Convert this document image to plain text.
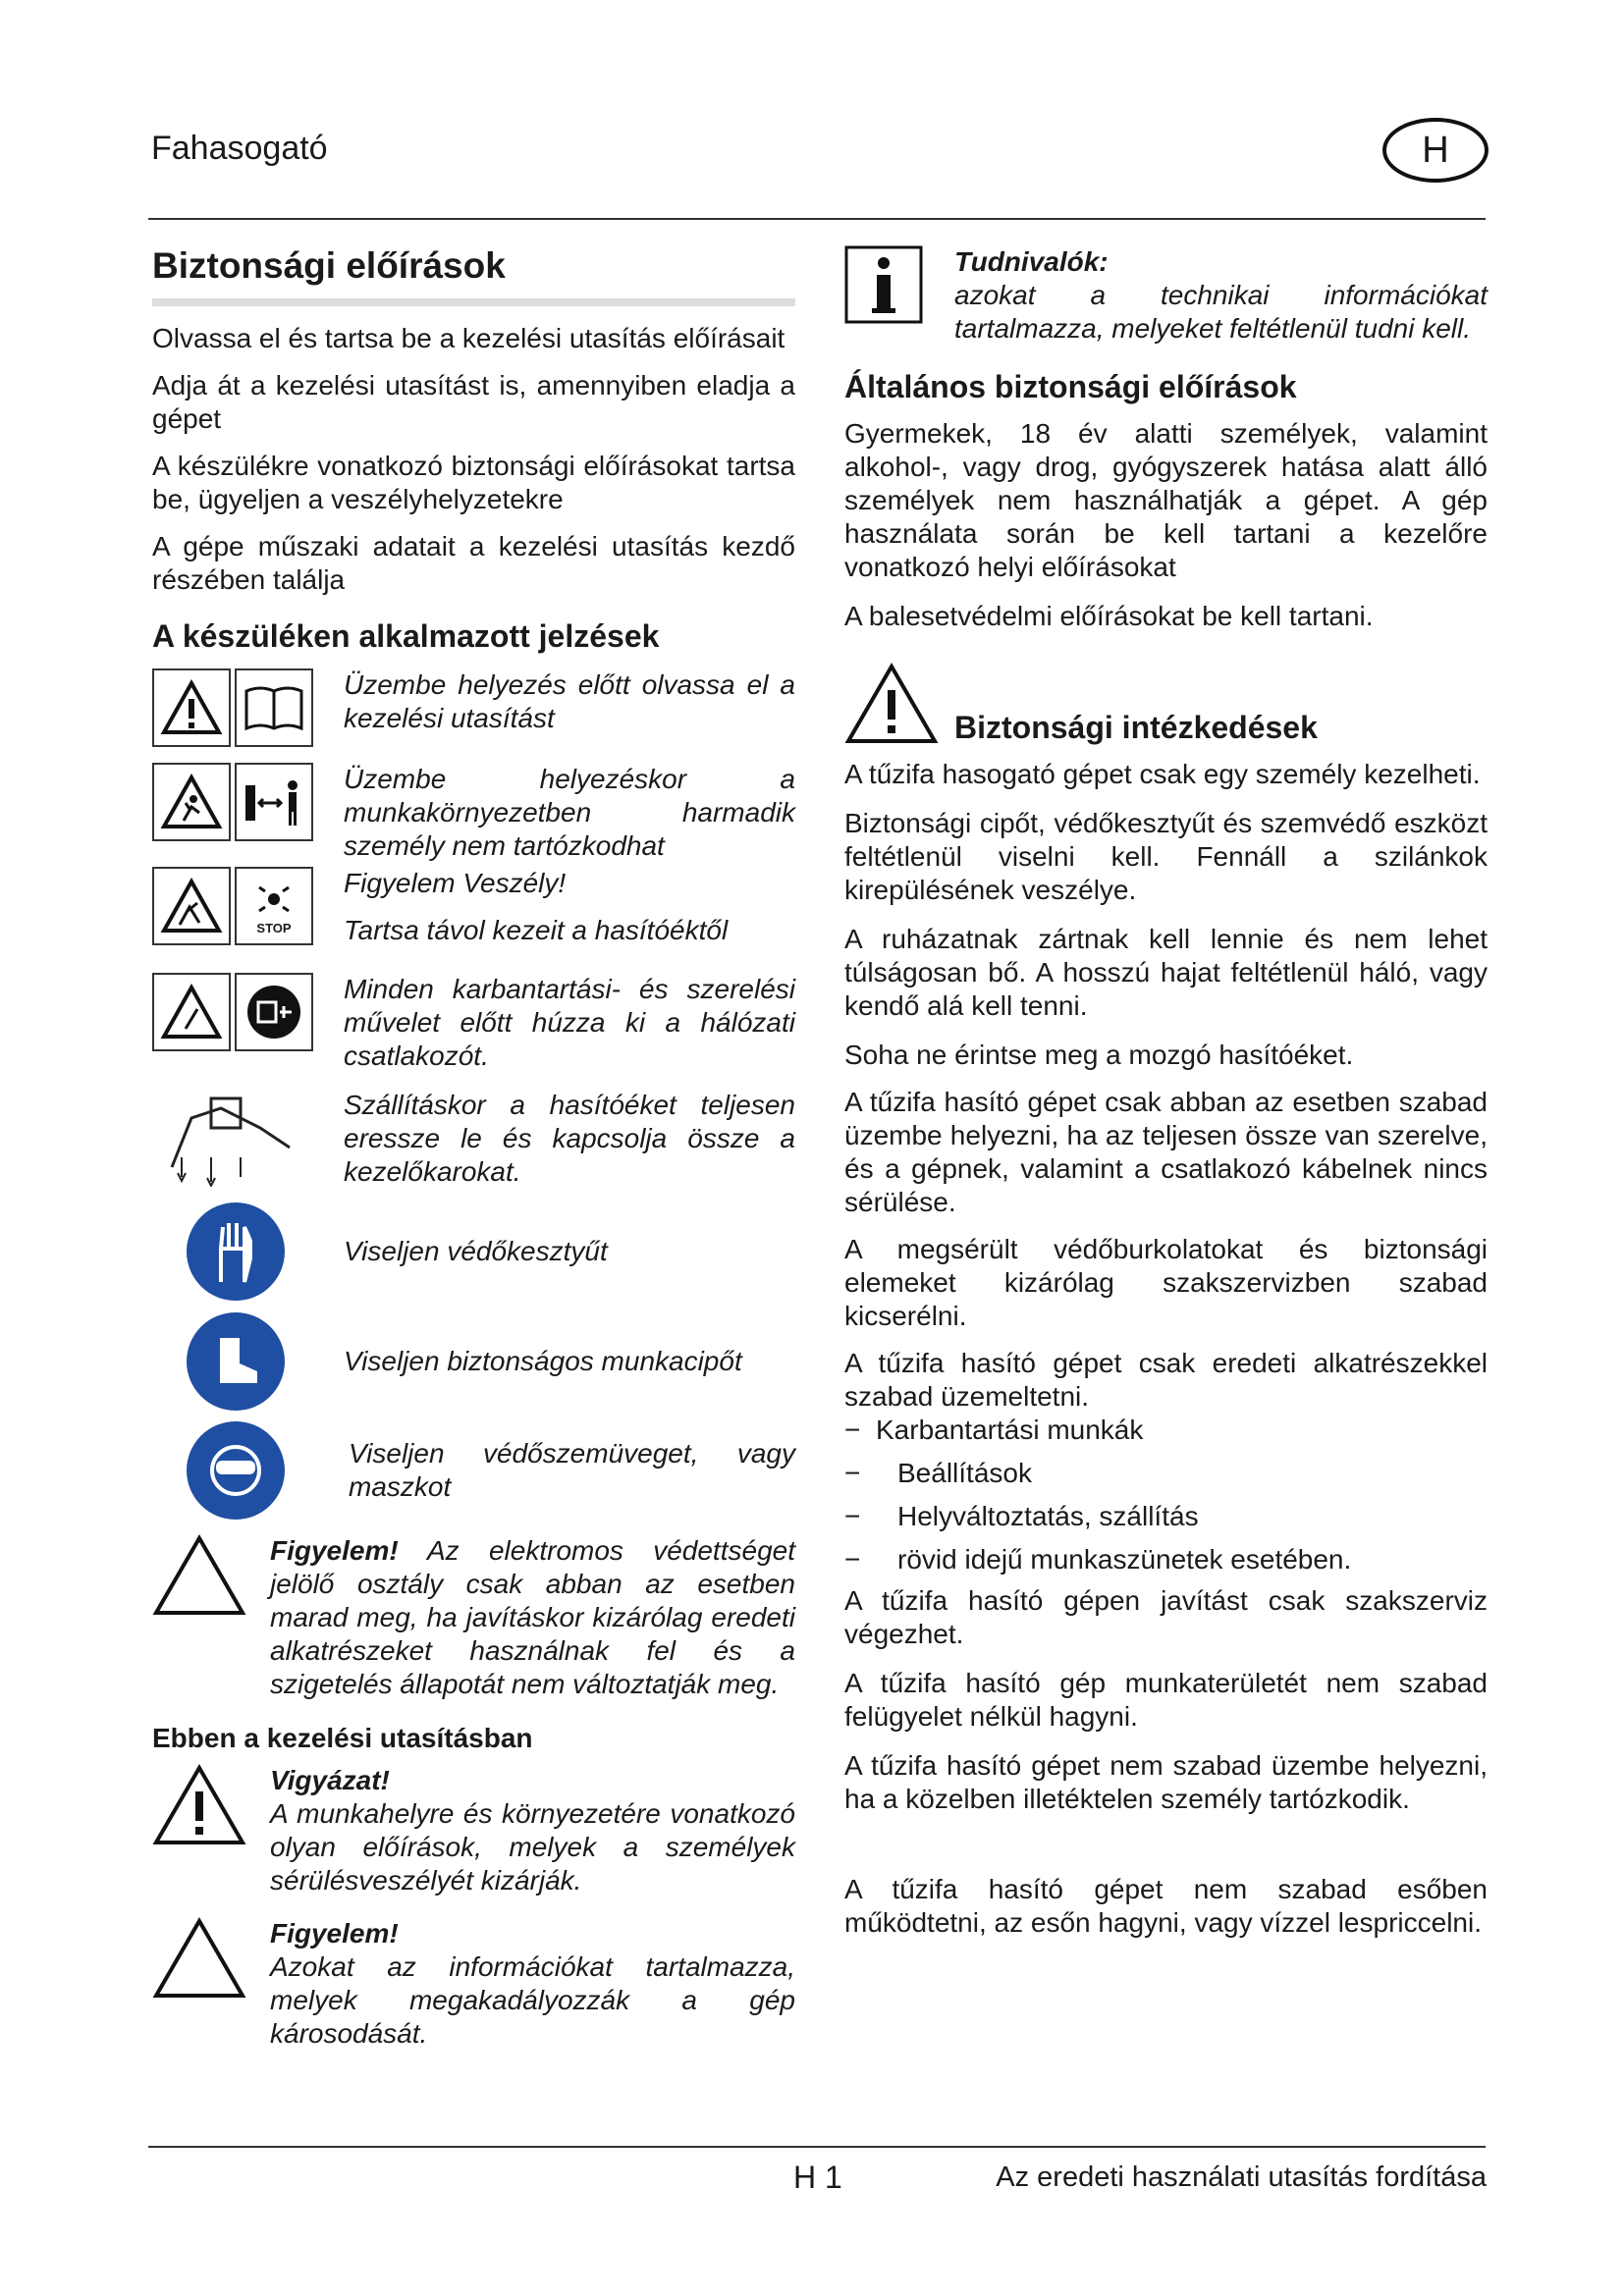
Fahasogató	H
Biztonsági előírások

Olvassa el és tartsa be a kezelési utasítás előírásait

Adja át a kezelési utasítást is, amennyiben eladja a gépet

A készülékre vonatkozó biztonsági előírásokat tartsa be, ügyeljen a veszélyhelyzetekre

A gépe műszaki adatait a kezelési utasítás kezdő részében találja

A készüléken alkalmazott jelzések

Üzembe helyezés előtt olvassa el a kezelési utasítást

Üzembe helyezéskor a munkakörnyezetben harmadik személy nem tartózkodhat

STOP

Figyelem Veszély!

Tartsa távol kezeit a hasítóéktől

Minden karbantartási- és szerelési művelet előtt húzza ki a hálózati csatlakozót.

Szállításkor a hasítóéket teljesen eressze le és kapcsolja össze a kezelőkarokat.

Viseljen védőkesztyűt

Viseljen biztonságos munkacipőt

Viseljen védőszemüveget, vagy maszkot

Figyelem! Az elektromos védettséget jelölő osztály csak abban az esetben marad meg, ha javításkor kizárólag eredeti alkatrészeket használnak fel és a szigetelés állapotát nem változtatják meg.

Ebben a kezelési utasításban

Vigyázat!

A munkahelyre és környezetére vonatkozó olyan előírások, melyek a személyek sérülésveszélyét kizárják.

Figyelem!

Azokat az információkat tartalmazza, melyek megakadályozzák a gép károsodását.

Tudnivalók:

azokat a technikai információkat tartalmazza, melyeket feltétlenül tudni kell.

Általános biztonsági előírások

Gyermekek, 18 év alatti személyek, valamint alkohol-, vagy drog, gyógyszerek hatása alatt álló személyek nem használhatják a gépet. A gép használata során be kell tartani a kezelőre vonatkozó helyi előírásokat

A balesetvédelmi előírásokat be kell tartani.

Biztonsági intézkedések

A tűzifa hasogató gépet csak egy személy kezelheti.

Biztonsági cipőt, védőkesztyűt és szemvédő eszközt feltétlenül viselni kell. Fennáll a szilánkok kirepülésének veszélye.

A ruházatnak zártnak kell lennie és nem lehet túlságosan bő. A hosszú hajat feltétlenül háló, vagy kendő alá kell tenni.

Soha ne érintse meg a mozgó hasítóéket.

A tűzifa hasító gépet csak abban az esetben szabad üzembe helyezni, ha az teljesen össze van szerelve, és a gépnek, valamint a csatlakozó kábelnek nincs sérülése.

A megsérült védőburkolatokat és biztonsági elemeket kizárólag szakszervizben szabad kicserélni.

A tűzifa hasító gépet csak eredeti alkatrészekkel szabad üzemeltetni.

− Karbantartási munkák
−	Beállítások
−	Helyváltoztatás, szállítás
−	rövid idejű munkaszünetek esetében.

A tűzifa hasító gépen javítást csak szakszerviz végezhet.

A tűzifa hasító gép munkaterületét nem szabad felügyelet nélkül hagyni.

A tűzifa hasító gépet nem szabad üzembe helyezni, ha a közelben illetéktelen személy tartózkodik.

A tűzifa hasító gépet nem szabad esőben működtetni, az esőn hagyni, vagy vízzel lespriccelni.

H 1	Az eredeti használati utasítás fordítása
